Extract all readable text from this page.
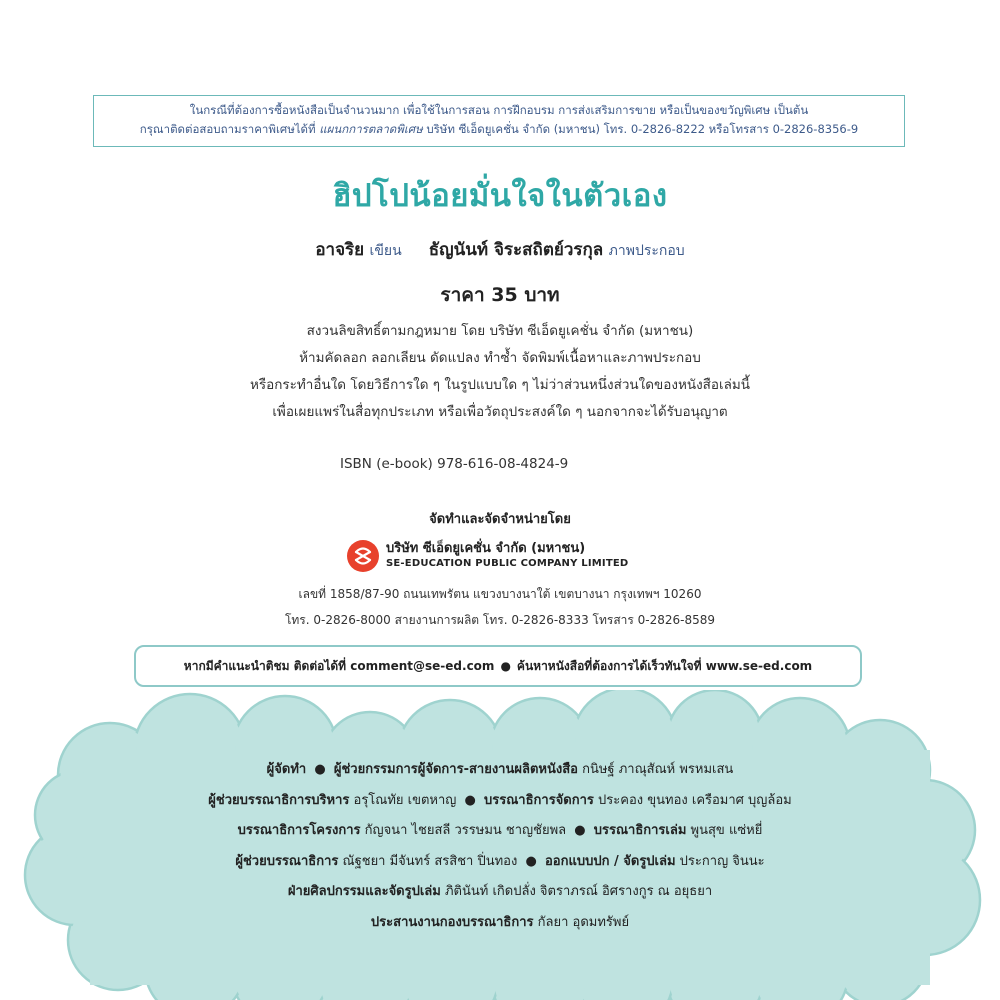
ในกรณีที่ต้องการซื้อหนังสือเป็นจำนวนมาก เพื่อใช้ในการสอน การฝึกอบรม การส่งเสริมการขาย หรือเป็นของขวัญพิเศษ เป็นต้น
กรุณาติดต่อสอบถามราคาพิเศษได้ที่ แผนกการตลาดพิเศษ บริษัท ซีเอ็ดยูเคชั่น จำกัด (มหาชน) โทร. 0-2826-8222 หรือโทรสาร 0-2826-8356-9
ฮิปโปน้อยมั่นใจในตัวเอง
อาจริย เขียน ธัญนันท์ จิระสถิตย์วรกุล ภาพประกอบ
ราคา 35 บาท
สงวนลิขสิทธิ์ตามกฎหมาย โดย บริษัท ซีเอ็ดยูเคชั่น จำกัด (มหาชน)
ห้ามคัดลอก ลอกเลียน ดัดแปลง ทำซ้ำ จัดพิมพ์เนื้อหาและภาพประกอบ
หรือกระทำอื่นใด โดยวิธีการใด ๆ ในรูปแบบใด ๆ ไม่ว่าส่วนหนึ่งส่วนใดของหนังสือเล่มนี้
เพื่อเผยแพร่ในสื่อทุกประเภท หรือเพื่อวัตถุประสงค์ใด ๆ นอกจากจะได้รับอนุญาต
ISBN (e-book) 978-616-08-4824-9
จัดทำและจัดจำหน่ายโดย
บริษัท ซีเอ็ดยูเคชั่น จำกัด (มหาชน)
SE-EDUCATION PUBLIC COMPANY LIMITED
เลขที่ 1858/87-90 ถนนเทพรัตน แขวงบางนาใต้ เขตบางนา กรุงเทพฯ 10260
โทร. 0-2826-8000 สายงานการผลิต โทร. 0-2826-8333 โทรสาร 0-2826-8589
หากมีคำแนะนำติชม ติดต่อได้ที่ comment@se-ed.com ● ค้นหาหนังสือที่ต้องการได้เร็วทันใจที่ www.se-ed.com
ผู้จัดทำ ● ผู้ช่วยกรรมการผู้จัดการ-สายงานผลิตหนังสือ กนิษฐ์ ภาณุสัณห์ พรหมเสน
ผู้ช่วยบรรณาธิการบริหาร อรุโณทัย เขตหาญ ● บรรณาธิการจัดการ ประคอง ขุนทอง เครือมาศ บุญล้อม
บรรณาธิการโครงการ กัญจนา ไชยสลี วรรษมน ชาญชัยพล ● บรรณาธิการเล่ม พูนสุข แซ่หยี่
ผู้ช่วยบรรณาธิการ ณัฐชยา มีจันทร์ สรสิชา ปิ่นทอง ● ออกแบบปก / จัดรูปเล่ม ประกาญ จินนะ
ฝ่ายศิลปกรรมและจัดรูปเล่ม ภิตินันท์ เกิดปลั่ง จิตราภรณ์ อิศรางกูร ณ อยุธยา
ประสานงานกองบรรณาธิการ กัลยา อุดมทรัพย์
